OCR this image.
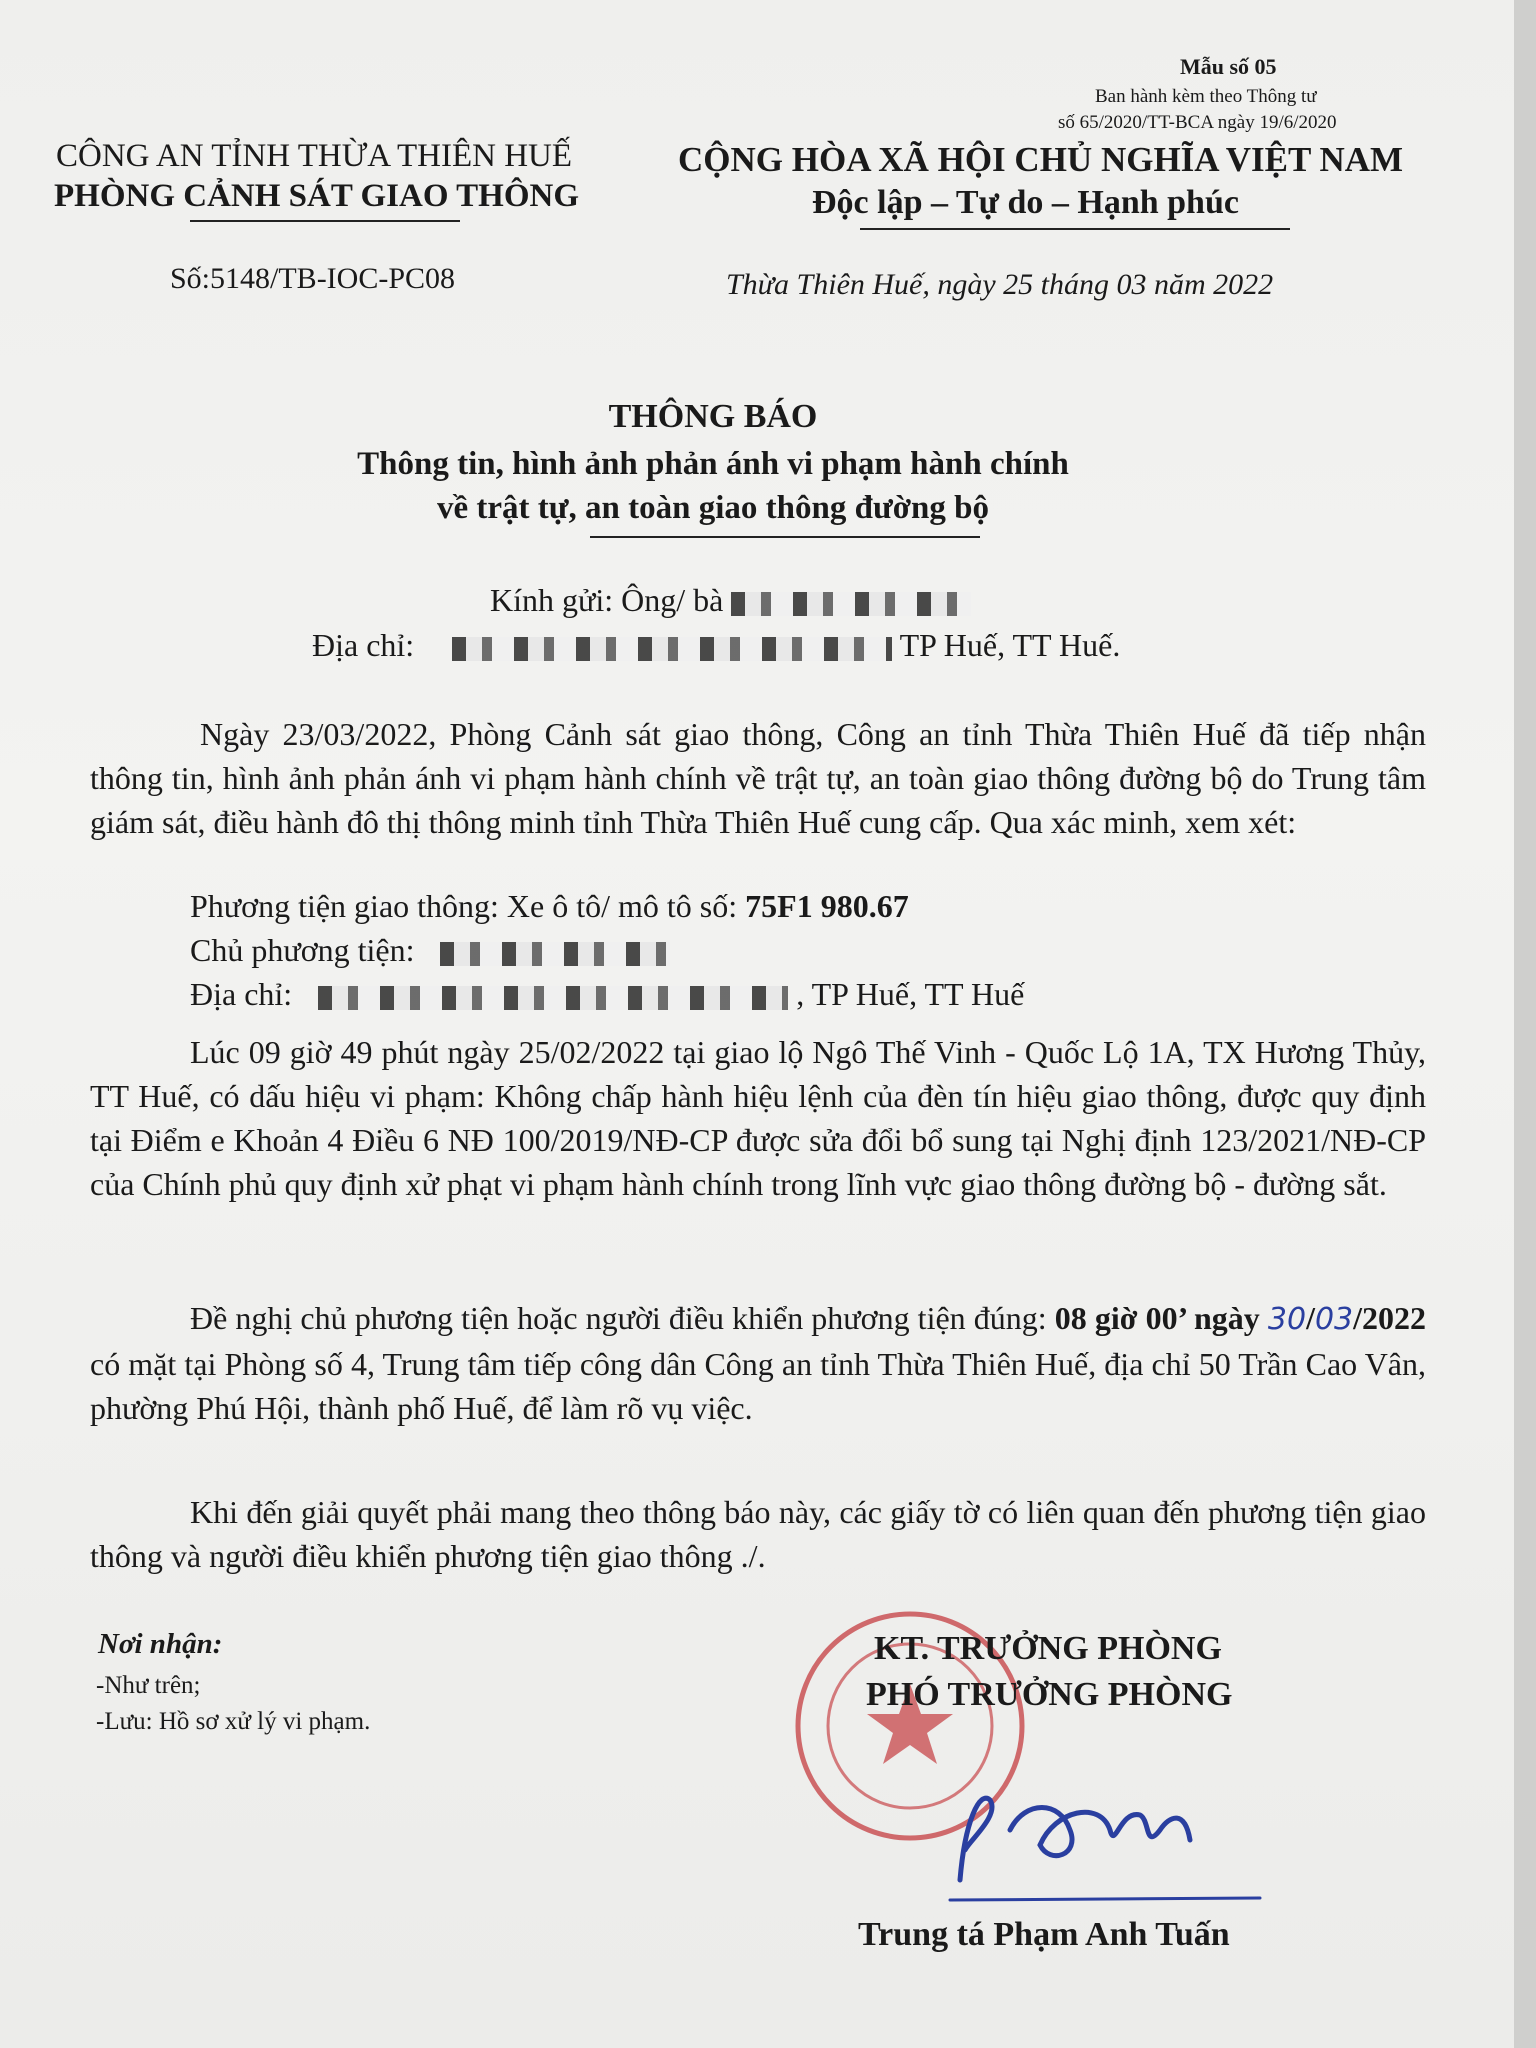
Mẫu số 05
Ban hành kèm theo Thông tư
số 65/2020/TT-BCA ngày 19/6/2020
CÔNG AN TỈNH THỪA THIÊN HUẾ
PHÒNG CẢNH SÁT GIAO THÔNG
CỘNG HÒA XÃ HỘI CHỦ NGHĨA VIỆT NAM
Độc lập – Tự do – Hạnh phúc
Số:5148/TB-IOC-PC08	Thừa Thiên Huế, ngày 25 tháng 03 năm 2022
THÔNG BÁO
Thông tin, hình ảnh phản ánh vi phạm hành chính
về trật tự, an toàn giao thông đường bộ
Kính gửi: Ông/ bà
Địa chỉ:	TP Huế, TT Huế.
Ngày 23/03/2022, Phòng Cảnh sát giao thông, Công an tỉnh Thừa Thiên Huế đã tiếp nhận thông tin, hình ảnh phản ánh vi phạm hành chính về trật tự, an toàn giao thông đường bộ do Trung tâm giám sát, điều hành đô thị thông minh tỉnh Thừa Thiên Huế cung cấp. Qua xác minh, xem xét:
Phương tiện giao thông: Xe ô tô/ mô tô số: 75F1 980.67
Chủ phương tiện:
Địa chỉ:	, TP Huế, TT Huế
Lúc 09 giờ 49 phút ngày 25/02/2022 tại giao lộ Ngô Thế Vinh - Quốc Lộ 1A, TX Hương Thủy, TT Huế, có dấu hiệu vi phạm: Không chấp hành hiệu lệnh của đèn tín hiệu giao thông, được quy định tại Điểm e Khoản 4 Điều 6 NĐ 100/2019/NĐ-CP được sửa đổi bổ sung tại Nghị định 123/2021/NĐ-CP của Chính phủ quy định xử phạt vi phạm hành chính trong lĩnh vực giao thông đường bộ - đường sắt.
Đề nghị chủ phương tiện hoặc người điều khiển phương tiện đúng: 08 giờ 00’ ngày 30/03/2022 có mặt tại Phòng số 4, Trung tâm tiếp công dân Công an tỉnh Thừa Thiên Huế, địa chỉ 50 Trần Cao Vân, phường Phú Hội, thành phố Huế, để làm rõ vụ việc.
Khi đến giải quyết phải mang theo thông báo này, các giấy tờ có liên quan đến phương tiện giao thông và người điều khiển phương tiện giao thông ./.
Nơi nhận:
-Như trên;
-Lưu: Hồ sơ xử lý vi phạm.
KT. TRƯỞNG PHÒNG
PHÓ TRƯỞNG PHÒNG
Trung tá Phạm Anh Tuấn
